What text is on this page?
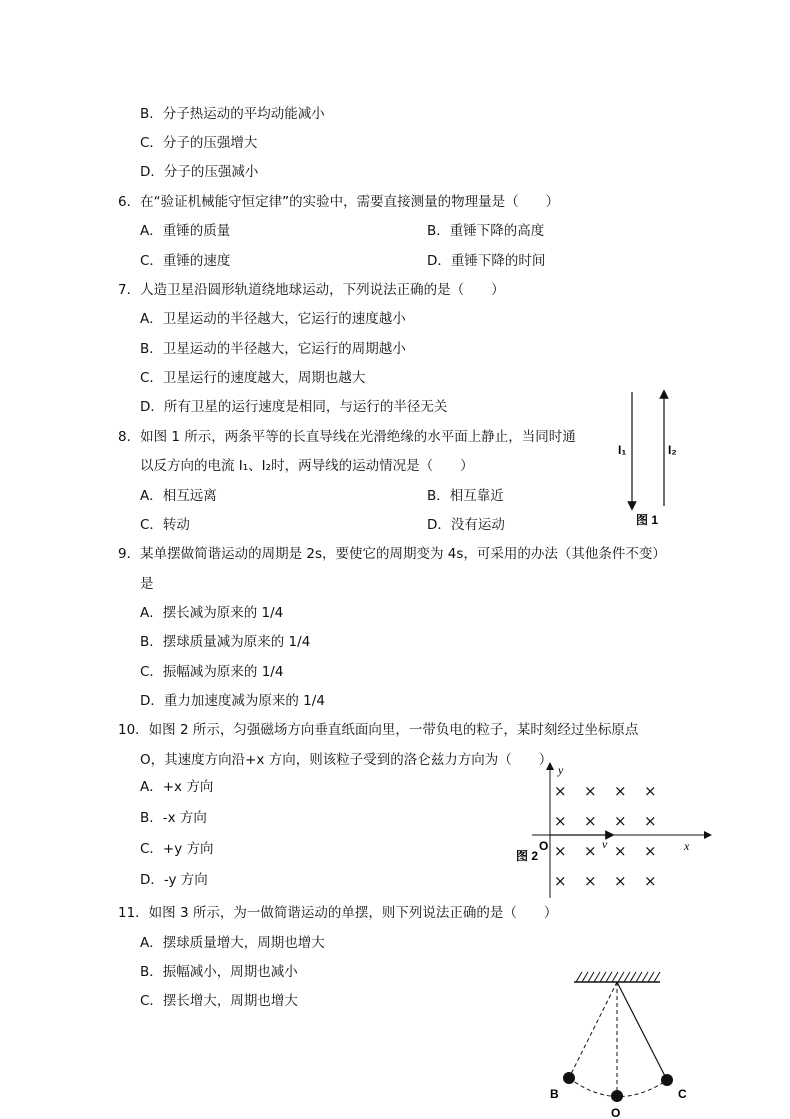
B．分子热运动的平均动能减小
C．分子的压强增大
D．分子的压强减小
6．在“验证机械能守恒定律”的实验中，需要直接测量的物理量是（　　）
A．重锤的质量	B．重锤下降的高度
C．重锤的速度	D．重锤下降的时间
7．人造卫星沿圆形轨道绕地球运动，下列说法正确的是（　　）
A．卫星运动的半径越大，它运行的速度越小
B．卫星运动的半径越大，它运行的周期越小
C．卫星运行的速度越大，周期也越大
D．所有卫星的运行速度是相同，与运行的半径无关
8．如图 1 所示，两条平等的长直导线在光滑绝缘的水平面上静止，当同时通
以反方向的电流 I₁、I₂时，两导线的运动情况是（　　）
A．相互远离	B．相互靠近
C．转动	D．没有运动
9．某单摆做简谐运动的周期是 2s，要使它的周期变为 4s，可采用的办法（其他条件不变）
是
A．摆长减为原来的 1/4
B．摆球质量减为原来的 1/4
C．振幅减为原来的 1/4
D．重力加速度减为原来的 1/4
10．如图 2 所示，匀强磁场方向垂直纸面向里，一带负电的粒子，某时刻经过坐标原点
O，其速度方向沿+x 方向，则该粒子受到的洛仑兹力方向为（　　）
A．+x 方向
B．-x 方向
C．+y 方向
D．-y 方向
11．如图 3 所示，为一做简谐运动的单摆，则下列说法正确的是（　　）
A．摆球质量增大，周期也增大
B．振幅减小，周期也减小
C．摆长增大，周期也增大
I₁	I₂
图 1
y
x
v
O
图 2
× × × ×
× × × ×
× × × ×
× × × ×
B
O
C
